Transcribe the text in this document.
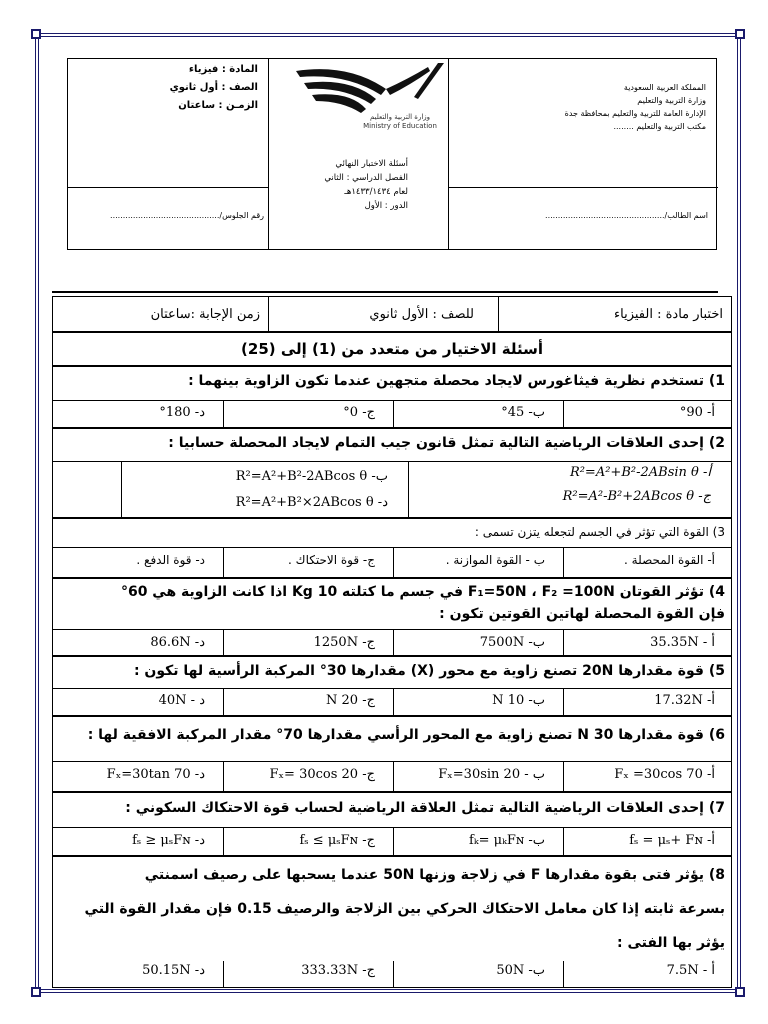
المملكة العربية السعودية
وزارة التربية والتعليم
الإدارة العامة للتربية والتعليم بمحافظة جدة
مكتب التربية والتعليم ........
اسم الطالب/...............................................
وزارة التربية والتعليم
Ministry of Education
أسئلة الاختبار النهائي
الفصل الدراسي : الثاني
لعام ١٤٣٣/١٤٣٤هـ
الدور : الأول
المادة : فيزياء
الصف : أول ثانوي
الزمـن : ساعتان
رقم الجلوس/...........................................
اختبار مادة : الفيزياء
للصف : الأول ثانوي
زمن الإجابة :ساعتان
أسئلة الاختيار من متعدد من (1) إلى (25)
1) تستخدم نظرية فيثاغورس لايجاد محصلة متجهين عندما تكون الزاوية بينهما :
أ- 90°
ب- 45°
ج- 0°
د- 180°
2) إحدى العلاقات الرياضية التالية تمثل قانون جيب التمام لايجاد المحصلة حسابيا :
أ- R²=A²+B²-2ABsin θ
ب- R²=A²+B²-2ABcos θ
ج- R²=A²-B²+2ABcos θ
د- R²=A²+B²×2ABcos θ
3) القوة التي تؤثر في الجسم لتجعله يتزن تسمى :
أ- القوة المحصلة .
ب - القوة الموازنة .
ج- قوة الاحتكاك .
د- قوة الدفع .
4) تؤثر القوتان F₁=50N ، F₂ =100N في جسم ما كتلته 10 Kg اذا كانت الزاوية هي 60°
فإن القوة المحصلة لهاتين القوتين تكون :
أ - 35.35N
ب- 7500N
ج- 1250N
د- 86.6N
5) قوة مقدارها 20N تصنع زاوية مع محور (X) مقدارها 30° المركبة الرأسية لها تكون :
أ- 17.32N
ب- 10 N
ج- 20 N
د - 40N
6) قوة مقدارها 30 N تصنع زاوية مع المحور الرأسي مقدارها 70° مقدار المركبة الافقية لها :
أ- Fₓ =30cos 70
ب - Fₓ=30sin 20
ج- Fₓ= 30cos 20
د- Fₓ=30tan 70
7) إحدى العلاقات الرياضية التالية تمثل العلاقة الرياضية لحساب قوة الاحتكاك السكوني :
أ- fₛ = μₛ+ Fɴ
ب- fₖ= μₖFɴ
ج- fₛ ≤ μₛFɴ
د- fₛ ≥ μₛFɴ
8) يؤثر فتى بقوة مقدارها F في زلاجة وزنها 50N عندما يسحبها على رصيف اسمنتي
بسرعة ثابته إذا كان معامل الاحتكاك الحركي بين الزلاجة والرصيف 0.15 فإن مقدار القوة التي
يؤثر بها الفتى :
أ - 7.5N
ب- 50N
ج- 333.33N
د- 50.15N
